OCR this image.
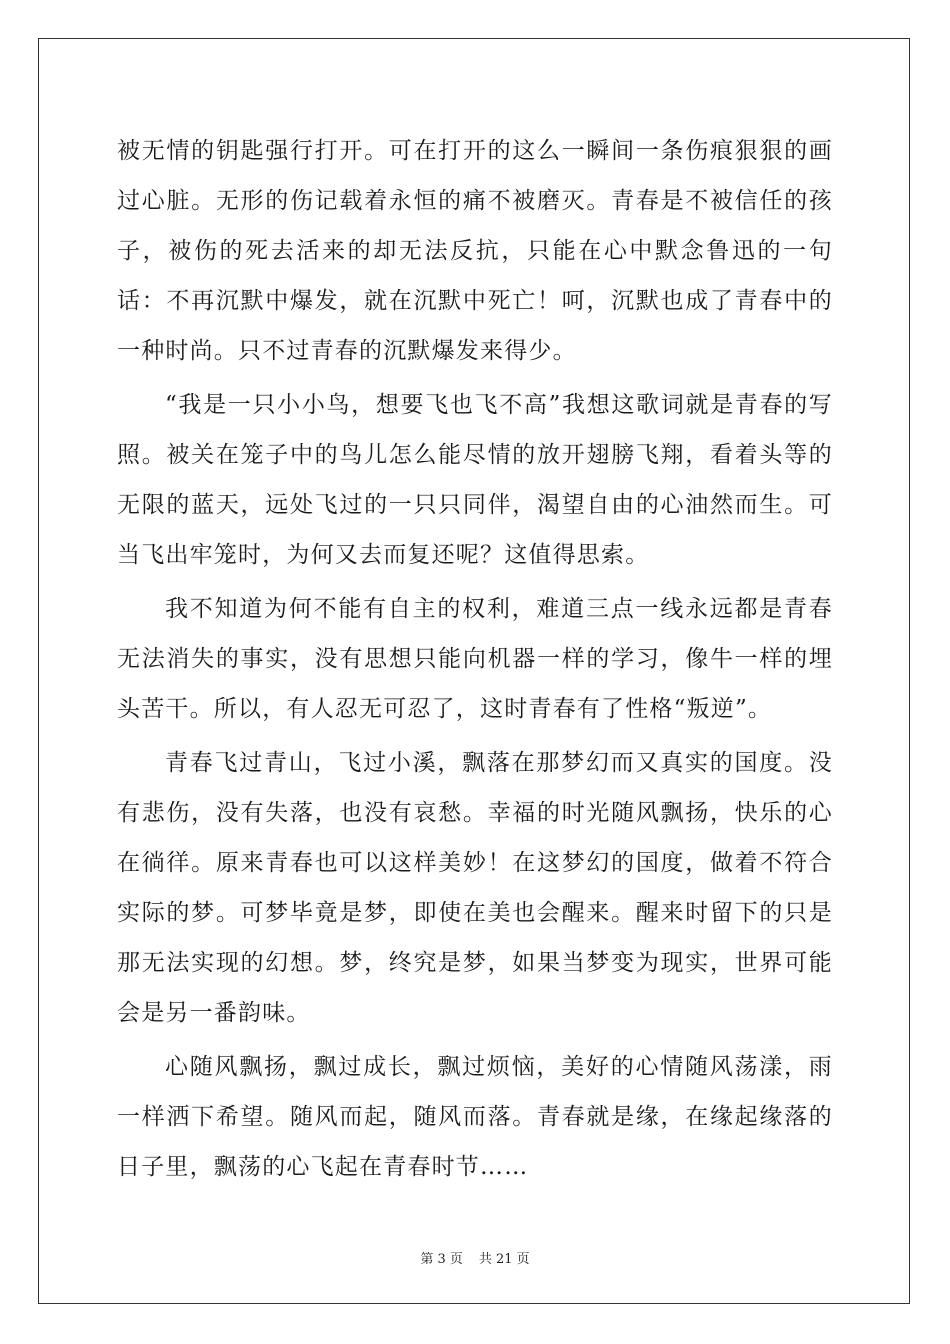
被无情的钥匙强行打开。可在打开的这么一瞬间一条伤痕狠狠的画过心脏。无形的伤记载着永恒的痛不被磨灭。青春是不被信任的孩子，被伤的死去活来的却无法反抗，只能在心中默念鲁迅的一句话：不再沉默中爆发，就在沉默中死亡！呵，沉默也成了青春中的一种时尚。只不过青春的沉默爆发来得少。

“我是一只小小鸟，想要飞也飞不高”我想这歌词就是青春的写照。被关在笼子中的鸟儿怎么能尽情的放开翅膀飞翔，看着头等的无限的蓝天，远处飞过的一只只同伴，渴望自由的心油然而生。可当飞出牢笼时，为何又去而复还呢？这值得思索。

我不知道为何不能有自主的权利，难道三点一线永远都是青春无法消失的事实，没有思想只能向机器一样的学习，像牛一样的埋头苦干。所以，有人忍无可忍了，这时青春有了性格“叛逆”。

青春飞过青山，飞过小溪，飘落在那梦幻而又真实的国度。没有悲伤，没有失落，也没有哀愁。幸福的时光随风飘扬，快乐的心在徜徉。原来青春也可以这样美妙！在这梦幻的国度，做着不符合实际的梦。可梦毕竟是梦，即使在美也会醒来。醒来时留下的只是那无法实现的幻想。梦，终究是梦，如果当梦变为现实，世界可能会是另一番韵味。

心随风飘扬，飘过成长，飘过烦恼，美好的心情随风荡漾，雨一样洒下希望。随风而起，随风而落。青春就是缘，在缘起缘落的日子里，飘荡的心飞起在青春时节……

第 3 页 共 21 页
